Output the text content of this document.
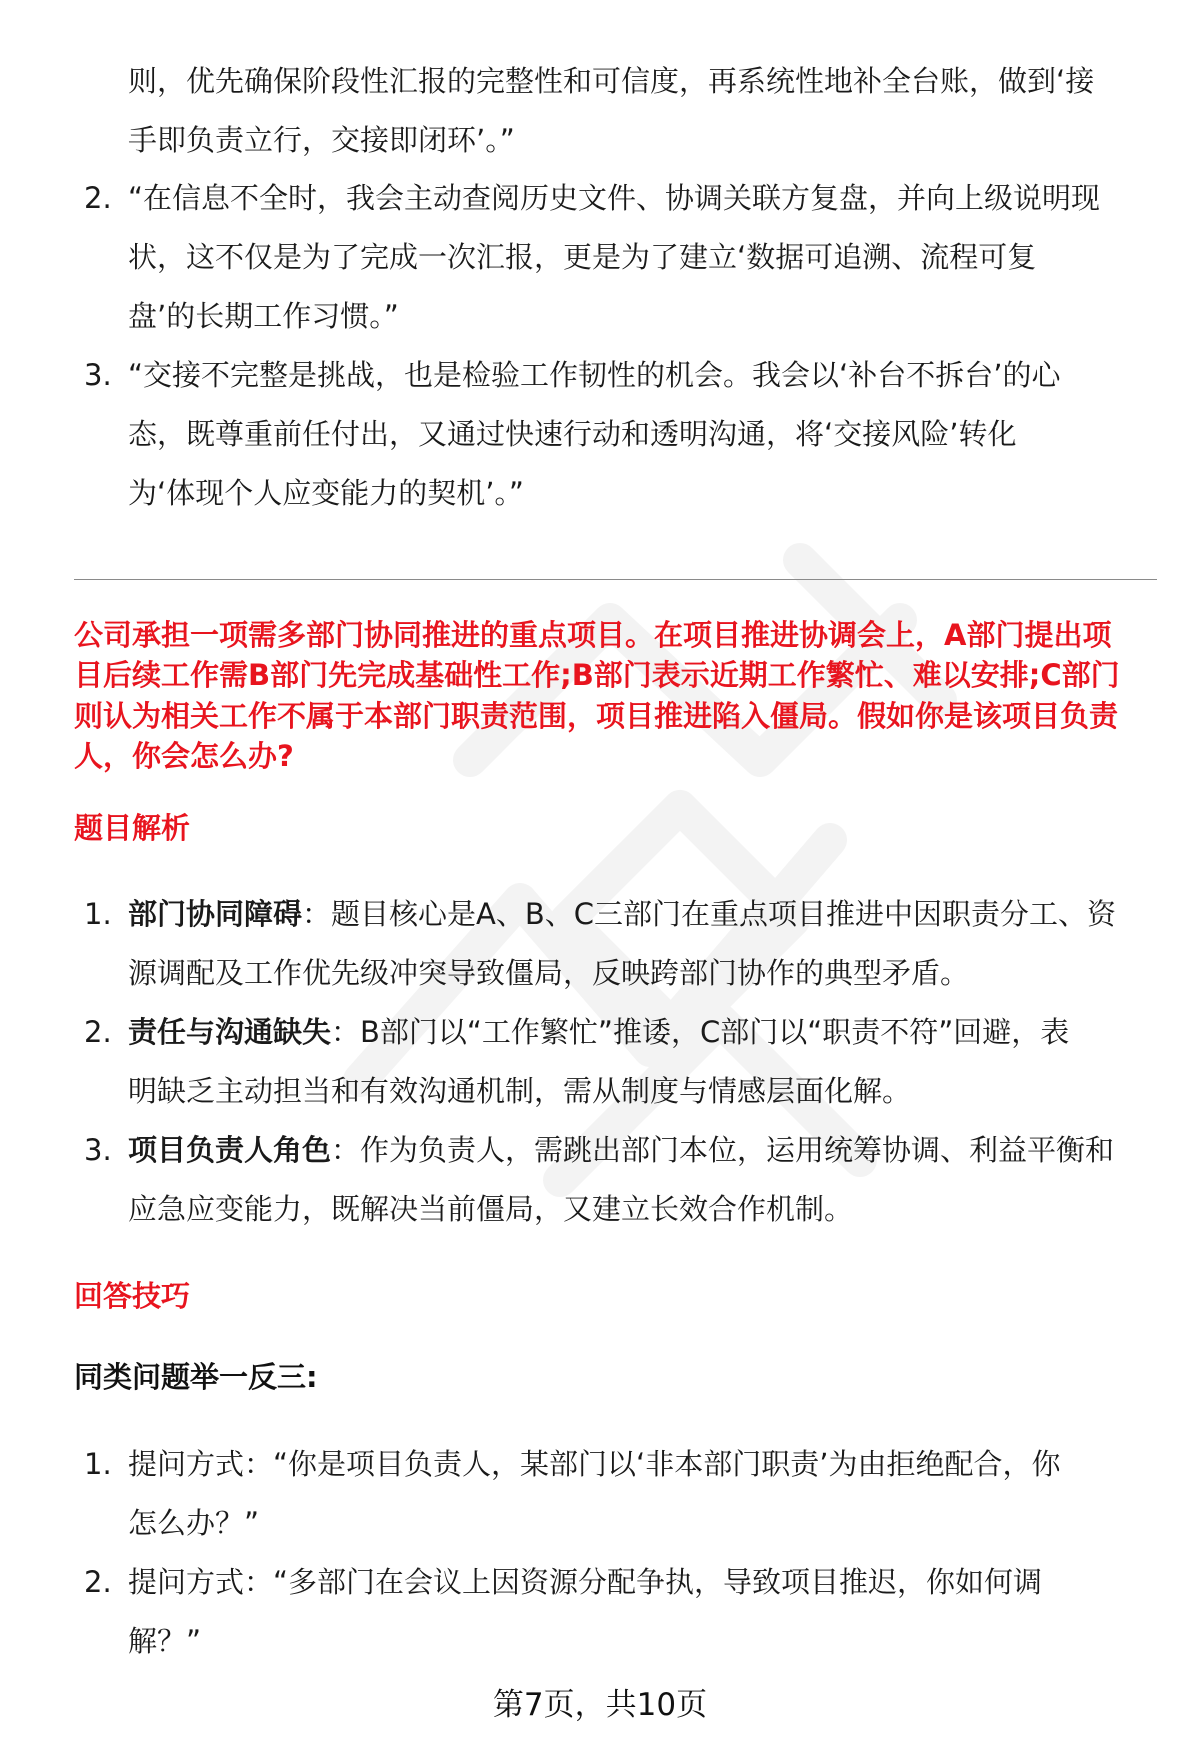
则，优先确保阶段性汇报的完整性和可信度，再系统性地补全台账，做到‘接
手即负责立行，交接即闭环’。”
2. “在信息不全时，我会主动查阅历史文件、协调关联方复盘，并向上级说明现
状，这不仅是为了完成一次汇报，更是为了建立‘数据可追溯、流程可复
盘’的长期工作习惯。”
3. “交接不完整是挑战，也是检验工作韧性的机会。我会以‘补台不拆台’的心
态，既尊重前任付出，又通过快速行动和透明沟通，将‘交接风险’转化
为‘体现个人应变能力的契机’。”
公司承担一项需多部门协同推进的重点项目。在项目推进协调会上，A部门提出项
目后续工作需B部门先完成基础性工作;B部门表示近期工作繁忙、难以安排;C部门
则认为相关工作不属于本部门职责范围，项目推进陷入僵局。假如你是该项目负责
人，你会怎么办?
题目解析
1. 部门协同障碍：题目核心是A、B、C三部门在重点项目推进中因职责分工、资
源调配及工作优先级冲突导致僵局，反映跨部门协作的典型矛盾。
2. 责任与沟通缺失：B部门以“工作繁忙”推诿，C部门以“职责不符”回避，表
明缺乏主动担当和有效沟通机制，需从制度与情感层面化解。
3. 项目负责人角色：作为负责人，需跳出部门本位，运用统筹协调、利益平衡和
应急应变能力，既解决当前僵局，又建立长效合作机制。
回答技巧
同类问题举一反三:
1. 提问方式：“你是项目负责人，某部门以‘非本部门职责’为由拒绝配合，你
怎么办？”
2. 提问方式：“多部门在会议上因资源分配争执，导致项目推迟，你如何调
解？”
第7页，共10页
